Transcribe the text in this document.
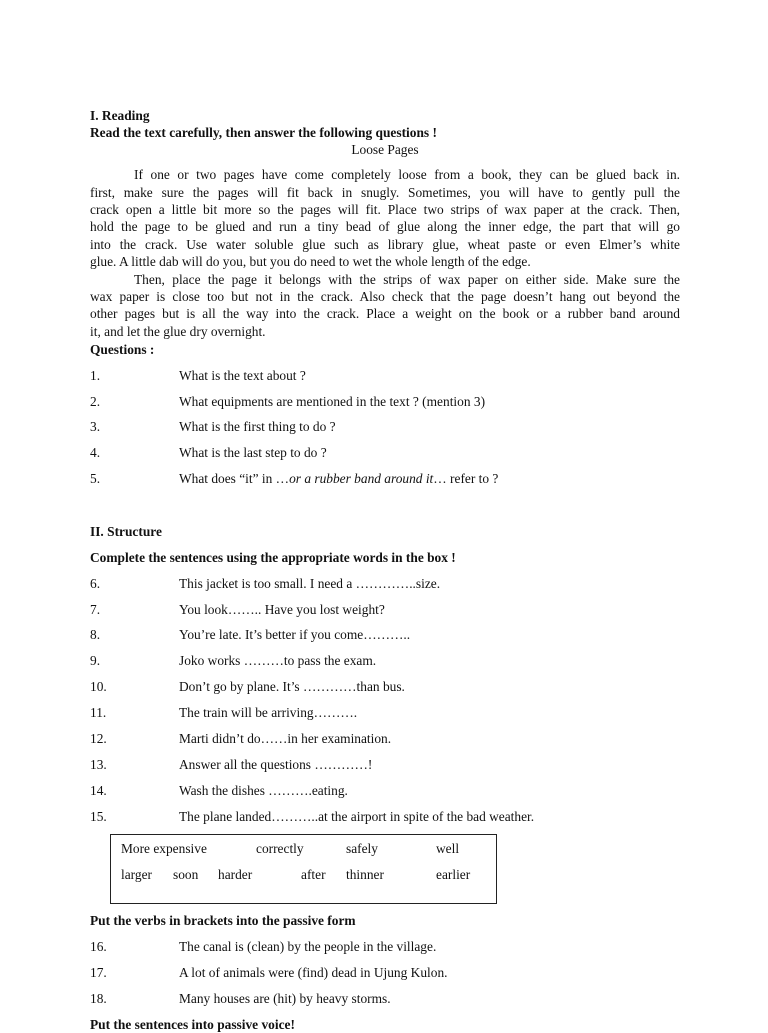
I. Reading
Read the text carefully, then answer the following questions !
Loose Pages
If one or two pages have come completely loose from a book, they can be glued back in.
first, make sure the pages will fit back in snugly. Sometimes, you will have to gently pull the
crack open a little bit more so the pages will fit. Place two strips of wax paper at the crack. Then,
hold the page to be glued and run a tiny bead of glue along the inner edge, the part that will go
into the crack. Use water soluble glue such as library glue, wheat paste or even Elmer’s white
glue. A little dab will do you, but you do need to wet the whole length of the edge.
Then, place the page it belongs with the strips of wax paper on either side. Make sure the
wax paper is close too but not in the crack. Also check that the page doesn’t hang out beyond the
other pages but is all the way into the crack. Place a weight on the book or a rubber band around
it, and let the glue dry overnight.
Questions :
1.	What is the text about ?
2.	What equipments are mentioned in the text ? (mention 3)
3.	What is the first thing to do ?
4.	What is the last step to do ?
5.	What does “it” in …or a rubber band around it… refer to ?
II. Structure
Complete the sentences using the appropriate words in the box !
6.	This jacket is too small. I need a …………..size.
7.	You look…….. Have you lost weight?
8.	You’re late. It’s better if you come………..
9.	Joko works ………to pass the exam.
10.	Don’t go by plane. It’s …………than bus.
11.	The train will be arriving……….
12.	Marti didn’t do……in her examination.
13.	Answer all the questions …………!
14.	Wash the dishes ……….eating.
15.	The plane landed………..at the airport in spite of the bad weather.
More expensive	correctly	safely	well
larger soon harder	after thinner	earlier
Put the verbs in brackets into the passive form
16.	The canal is (clean) by the people in the village.
17.	A lot of animals were (find) dead in Ujung Kulon.
18.	Many houses are (hit) by heavy storms.
Put the sentences into passive voice!
